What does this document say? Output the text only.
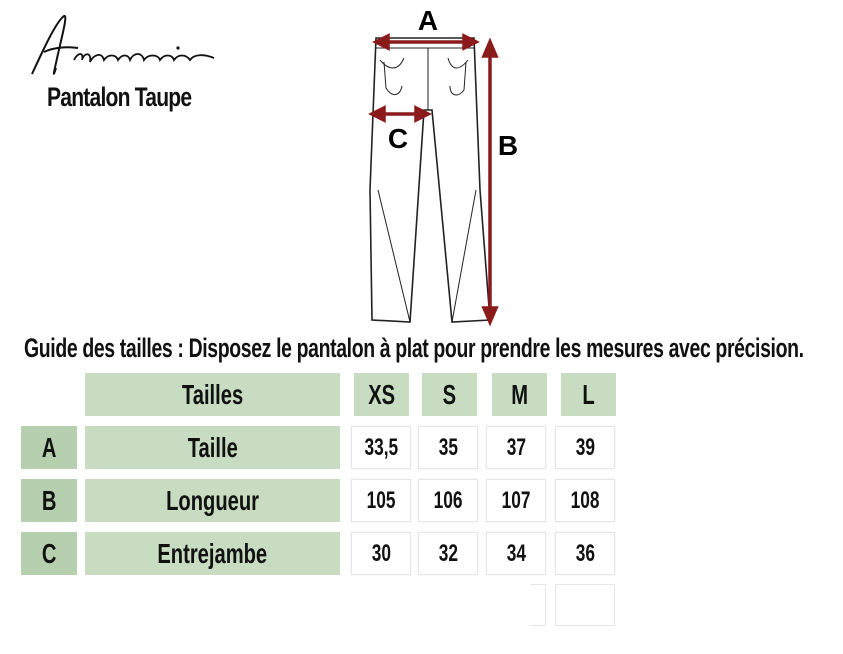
Pantalon Taupe
A
B
C
Guide des tailles : Disposez le pantalon à plat pour prendre les mesures avec précision.
Tailles	XS S M L
A	Taille	33,5 35 37 39
B	Longueur	105 106 107 108
C	Entrejambe	30 32 34 36
